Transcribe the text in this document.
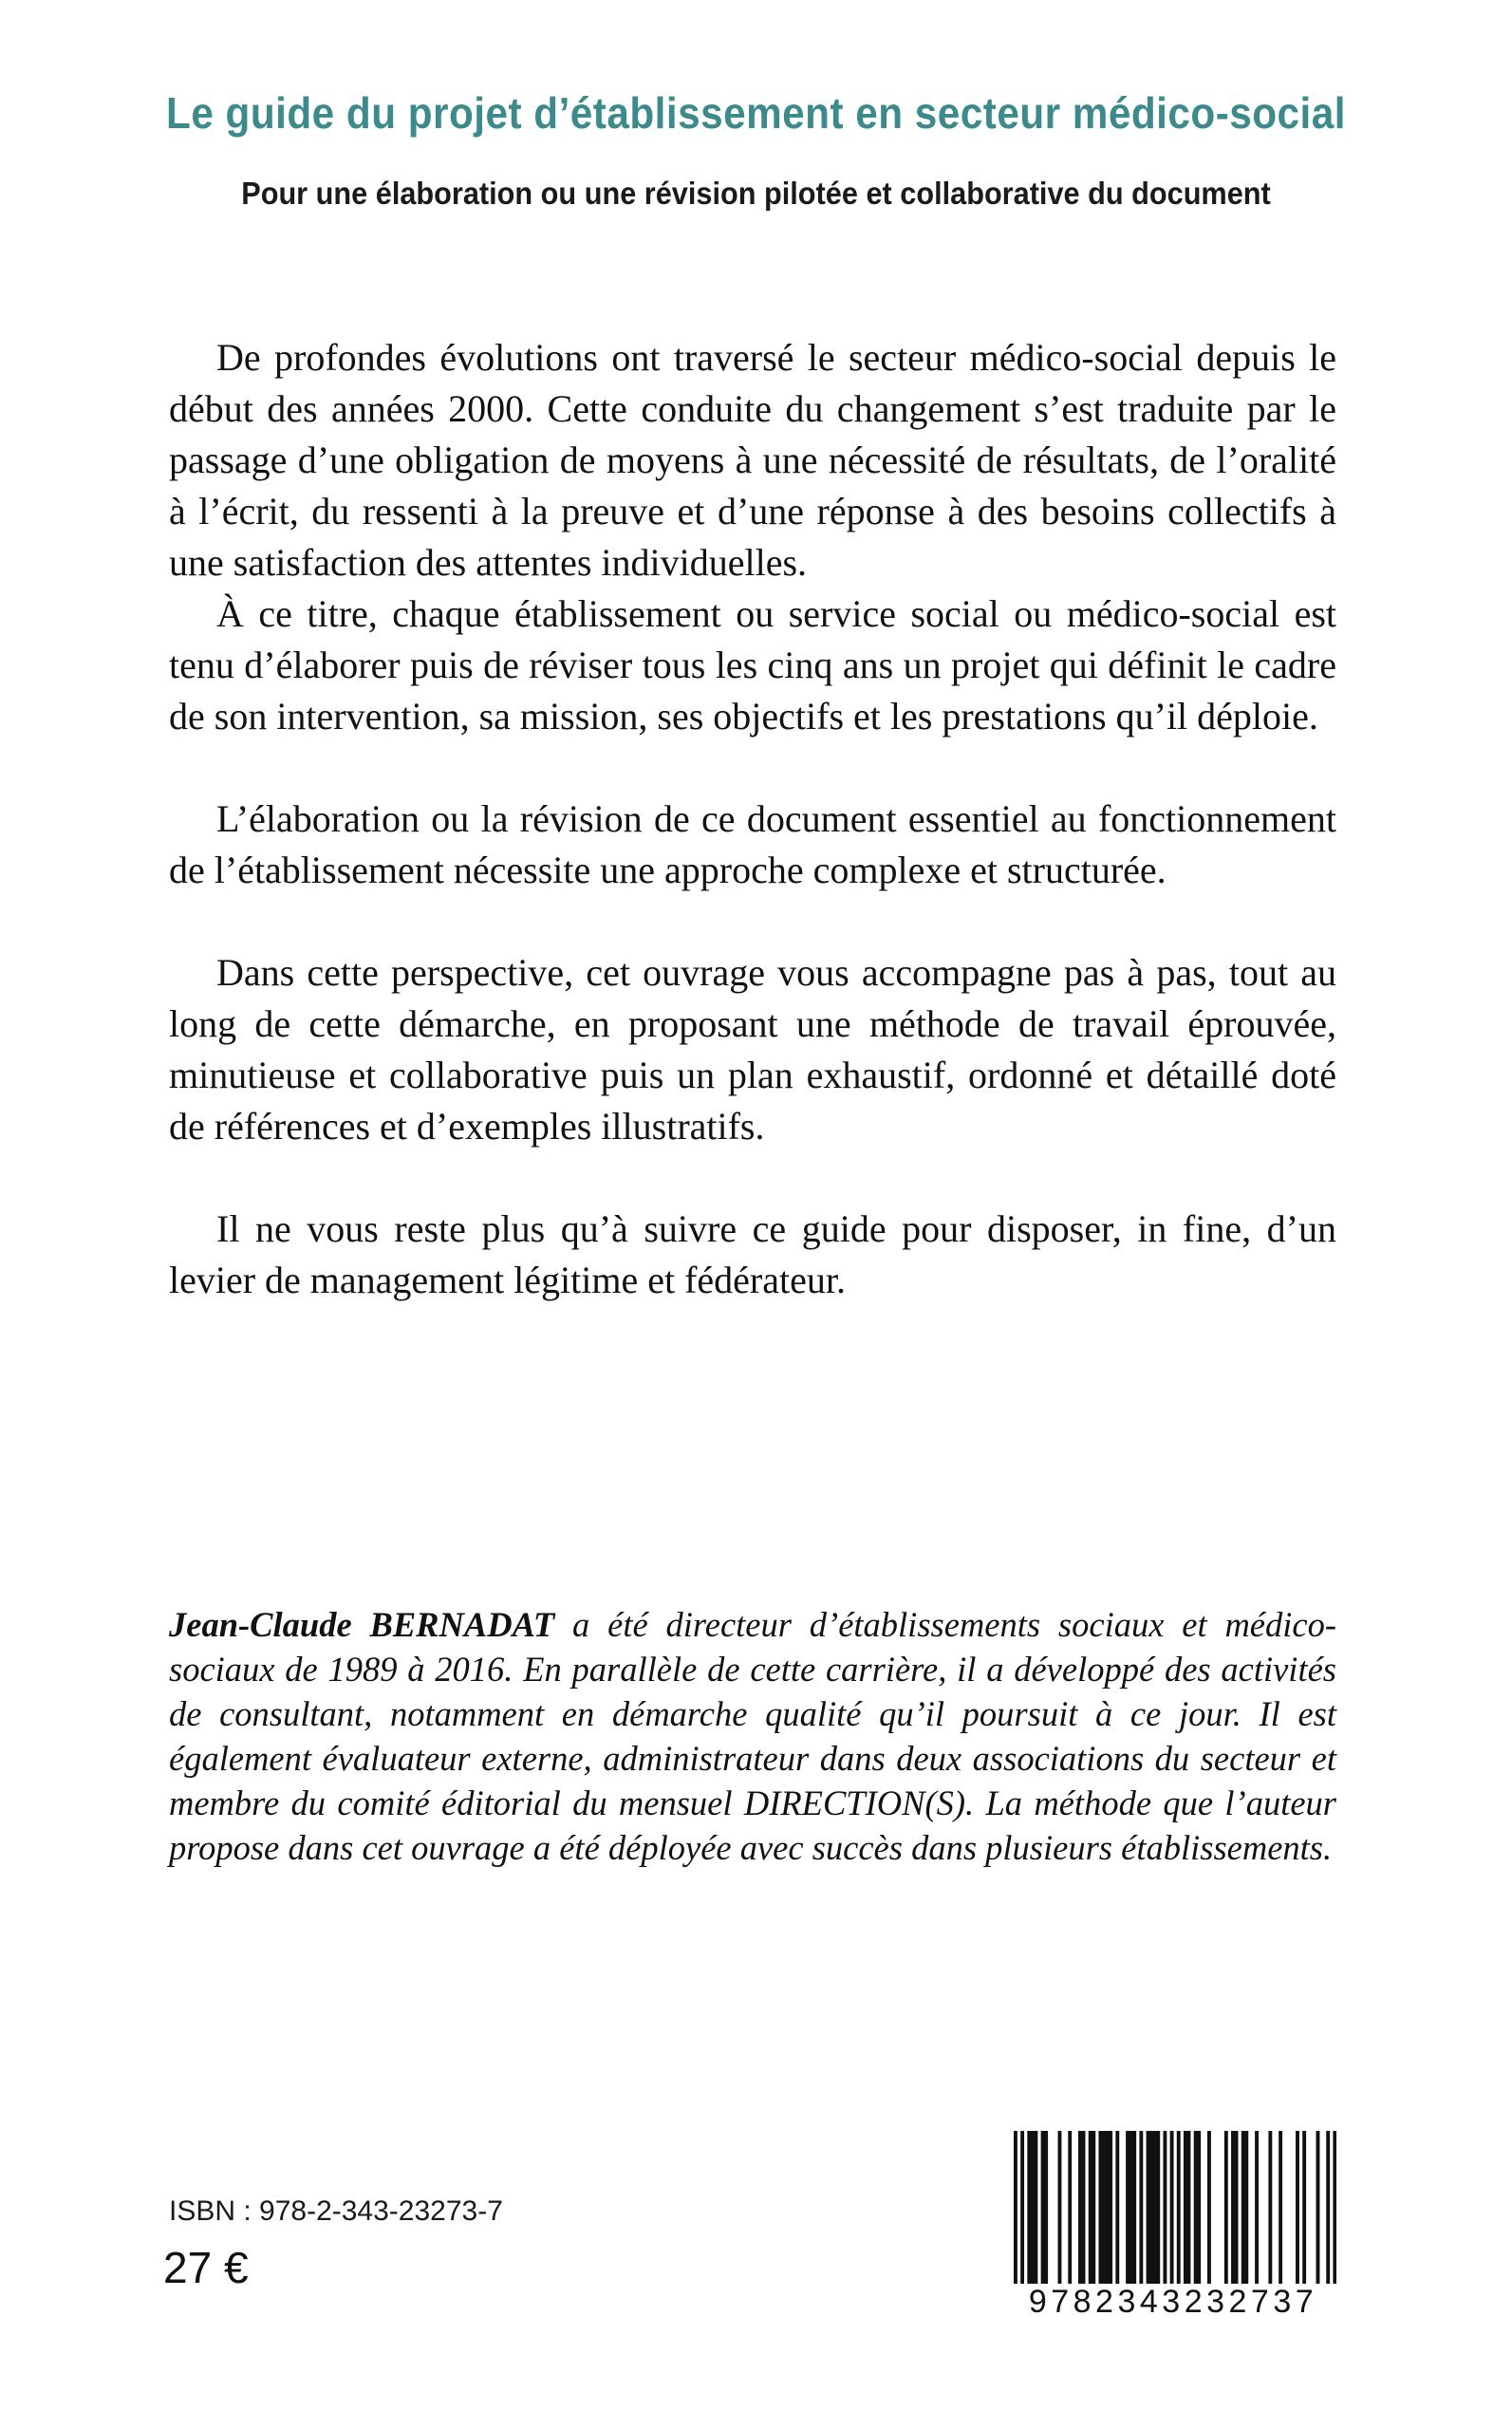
Le guide du projet d’établissement en secteur médico-social
Pour une élaboration ou une révision pilotée et collaborative du document

De profondes évolutions ont traversé le secteur médico-social depuis le début des années 2000. Cette conduite du changement s’est traduite par le passage d’une obligation de moyens à une nécessité de résultats, de l’oralité à l’écrit, du ressenti à la preuve et d’une réponse à des besoins collectifs à une satisfaction des attentes individuelles.

À ce titre, chaque établissement ou service social ou médico-social est tenu d’élaborer puis de réviser tous les cinq ans un projet qui définit le cadre de son intervention, sa mission, ses objectifs et les prestations qu’il déploie.

L’élaboration ou la révision de ce document essentiel au fonctionnement de l’établissement nécessite une approche complexe et structurée.

Dans cette perspective, cet ouvrage vous accompagne pas à pas, tout au long de cette démarche, en proposant une méthode de travail éprouvée, minutieuse et collaborative puis un plan exhaustif, ordonné et détaillé doté de références et d’exemples illustratifs.

Il ne vous reste plus qu’à suivre ce guide pour disposer, in fine, d’un levier de management légitime et fédérateur.

Jean-Claude BERNADAT a été directeur d’établissements sociaux et médico-sociaux de 1989 à 2016. En parallèle de cette carrière, il a développé des activités de consultant, notamment en démarche qualité qu’il poursuit à ce jour. Il est également évaluateur externe, administrateur dans deux associations du secteur et membre du comité éditorial du mensuel DIRECTION(S). La méthode que l’auteur propose dans cet ouvrage a été déployée avec succès dans plusieurs établissements.
ISBN : 978-2-343-23273-7
27 €
9782343232737
